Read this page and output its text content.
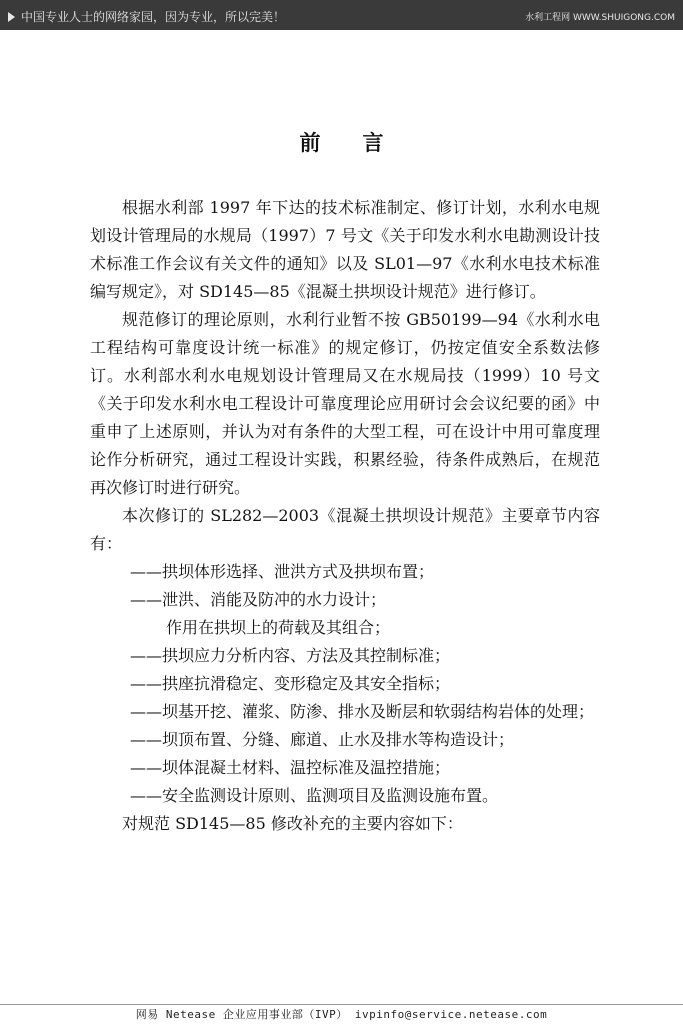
中国专业人士的网络家园，因为专业，所以完美！	水利工程网 WWW.SHUIGONG.COM
前言

根据水利部 1997 年下达的技术标准制定、修订计划，水利水电规划设计管理局的水规局（1997）7 号文《关于印发水利水电勘测设计技术标准工作会议有关文件的通知》以及 SL01—97《水利水电技术标准编写规定》，对 SD145—85《混凝土拱坝设计规范》进行修订。

规范修订的理论原则，水利行业暂不按 GB50199—94《水利水电工程结构可靠度设计统一标准》的规定修订，仍按定值安全系数法修订。水利部水利水电规划设计管理局又在水规局技（1999）10 号文《关于印发水利水电工程设计可靠度理论应用研讨会会议纪要的函》中重申了上述原则，并认为对有条件的大型工程，可在设计中用可靠度理论作分析研究，通过工程设计实践，积累经验，待条件成熟后，在规范再次修订时进行研究。

本次修订的 SL282—2003《混凝土拱坝设计规范》主要章节内容有：

——拱坝体形选择、泄洪方式及拱坝布置；

——泄洪、消能及防冲的水力设计；

作用在拱坝上的荷载及其组合；

——拱坝应力分析内容、方法及其控制标准；

——拱座抗滑稳定、变形稳定及其安全指标；

——坝基开挖、灌浆、防渗、排水及断层和软弱结构岩体的处理；

——坝顶布置、分缝、廊道、止水及排水等构造设计；

——坝体混凝土材料、温控标准及温控措施；

——安全监测设计原则、监测项目及监测设施布置。

对规范 SD145—85 修改补充的主要内容如下：

网易 Netease 企业应用事业部（IVP） ivpinfo@service.netease.com
